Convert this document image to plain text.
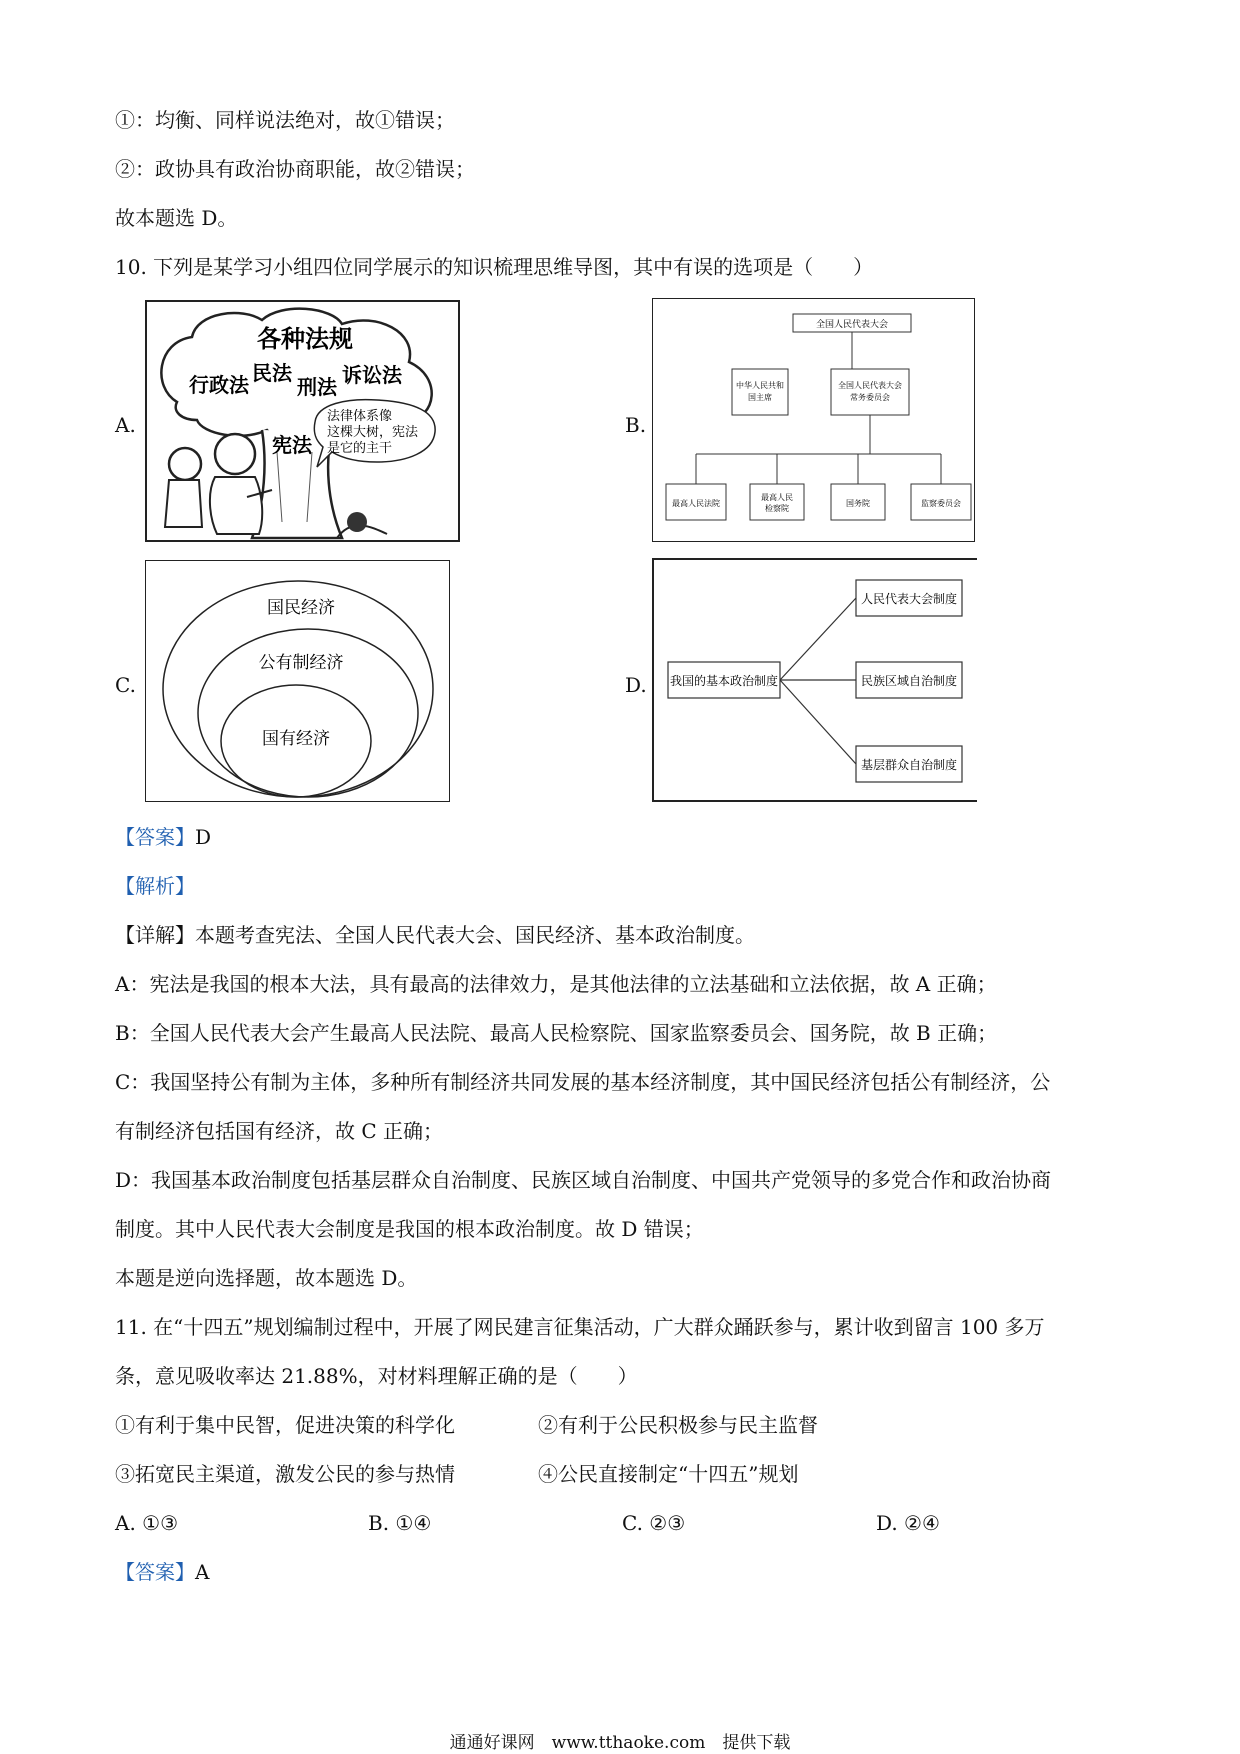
①：均衡、同样说法绝对，故①错误；
②：政协具有政治协商职能，故②错误；
故本题选 D。
10. 下列是某学习小组四位同学展示的知识梳理思维导图，其中有误的选项是（　　）
A.	B.
C.	D.
各种法规
行政法 民法
刑法 诉讼法
宪法
法律体系像
这棵大树，宪法
是它的主干
全国人民代表大会
中华人民共和
国主席
全国人民代表大会
常务委员会
最高人民法院
最高人民
检察院
国务院	监察委员会
国民经济
公有制经济
国有经济
我国的基本政治制度
人民代表大会制度
民族区域自治制度
基层群众自治制度
【答案】D
【解析】
【详解】本题考查宪法、全国人民代表大会、国民经济、基本政治制度。
A：宪法是我国的根本大法，具有最高的法律效力，是其他法律的立法基础和立法依据，故 A 正确；
B：全国人民代表大会产生最高人民法院、最高人民检察院、国家监察委员会、国务院，故 B 正确；
C：我国坚持公有制为主体，多种所有制经济共同发展的基本经济制度，其中国民经济包括公有制经济，公
有制经济包括国有经济，故 C 正确；
D：我国基本政治制度包括基层群众自治制度、民族区域自治制度、中国共产党领导的多党合作和政治协商
制度。其中人民代表大会制度是我国的根本政治制度。故 D 错误；
本题是逆向选择题，故本题选 D。
11. 在“十四五”规划编制过程中，开展了网民建言征集活动，广大群众踊跃参与，累计收到留言 100 多万
条，意见吸收率达 21.88%，对材料理解正确的是（　　）
①有利于集中民智，促进决策的科学化	②有利于公民积极参与民主监督
③拓宽民主渠道，激发公民的参与热情	④公民直接制定“十四五”规划
A. ①③	B. ①④	C. ②③	D. ②④
【答案】A
通通好课网　www.tthaoke.com　提供下载
